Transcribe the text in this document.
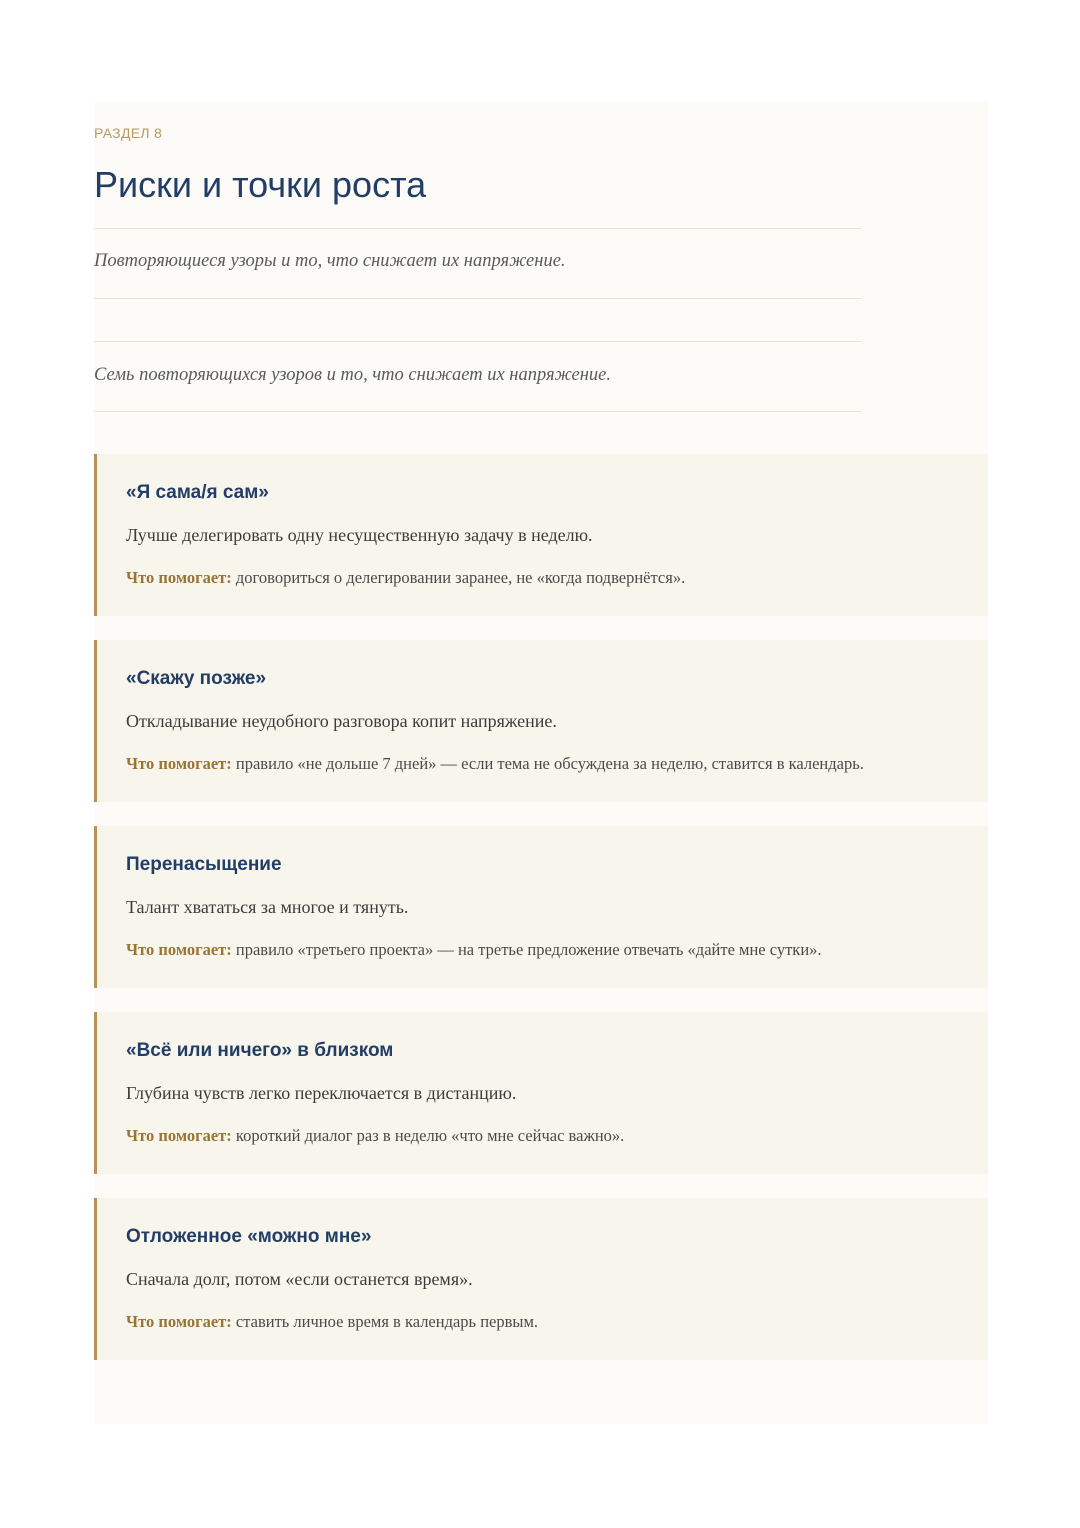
РАЗДЕЛ 8
Риски и точки роста
Повторяющиеся узоры и то, что снижает их напряжение.
Семь повторяющихся узоров и то, что снижает их напряжение.
«Я сама/я сам»

Лучше делегировать одну несущественную задачу в неделю.

Что помогает: договориться о делегировании заранее, не «когда подвернётся».

«Скажу позже»

Откладывание неудобного разговора копит напряжение.

Что помогает: правило «не дольше 7 дней» — если тема не обсуждена за неделю, ставится в календарь.

Перенасыщение

Талант хвататься за многое и тянуть.

Что помогает: правило «третьего проекта» — на третье предложение отвечать «дайте мне сутки».

«Всё или ничего» в близком

Глубина чувств легко переключается в дистанцию.

Что помогает: короткий диалог раз в неделю «что мне сейчас важно».

Отложенное «можно мне»

Сначала долг, потом «если останется время».

Что помогает: ставить личное время в календарь первым.
